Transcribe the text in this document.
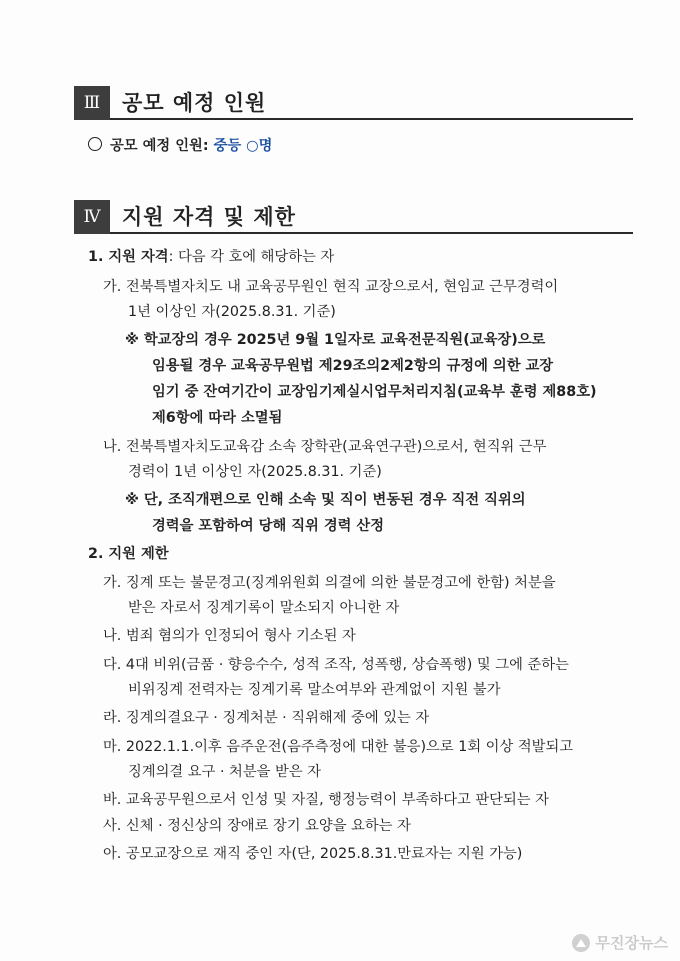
Ⅲ	공모 예정 인원
공모 예정 인원: 중등 ○명
Ⅳ	지원 자격 및 제한
1. 지원 자격: 다음 각 호에 해당하는 자
가. 전북특별자치도 내 교육공무원인 현직 교장으로서, 현임교 근무경력이
1년 이상인 자(2025.8.31. 기준)
※ 학교장의 경우 2025년 9월 1일자로 교육전문직원(교육장)으로
임용될 경우 교육공무원법 제29조의2제2항의 규정에 의한 교장
임기 중 잔여기간이 교장임기제실시업무처리지침(교육부 훈령 제88호)
제6항에 따라 소멸됨
나. 전북특별자치도교육감 소속 장학관(교육연구관)으로서, 현직위 근무
경력이 1년 이상인 자(2025.8.31. 기준)
※ 단, 조직개편으로 인해 소속 및 직이 변동된 경우 직전 직위의
경력을 포함하여 당해 직위 경력 산정
2. 지원 제한
가. 징계 또는 불문경고(징계위원회 의결에 의한 불문경고에 한함) 처분을
받은 자로서 징계기록이 말소되지 아니한 자
나. 범죄 혐의가 인정되어 형사 기소된 자
다. 4대 비위(금품 · 향응수수, 성적 조작, 성폭행, 상습폭행) 및 그에 준하는
비위징계 전력자는 징계기록 말소여부와 관계없이 지원 불가
라. 징계의결요구 · 징계처분 · 직위해제 중에 있는 자
마. 2022.1.1.이후 음주운전(음주측정에 대한 불응)으로 1회 이상 적발되고
징계의결 요구 · 처분을 받은 자
바. 교육공무원으로서 인성 및 자질, 행정능력이 부족하다고 판단되는 자
사. 신체 · 정신상의 장애로 장기 요양을 요하는 자
아. 공모교장으로 재직 중인 자(단, 2025.8.31.만료자는 지원 가능)
무진장뉴스
